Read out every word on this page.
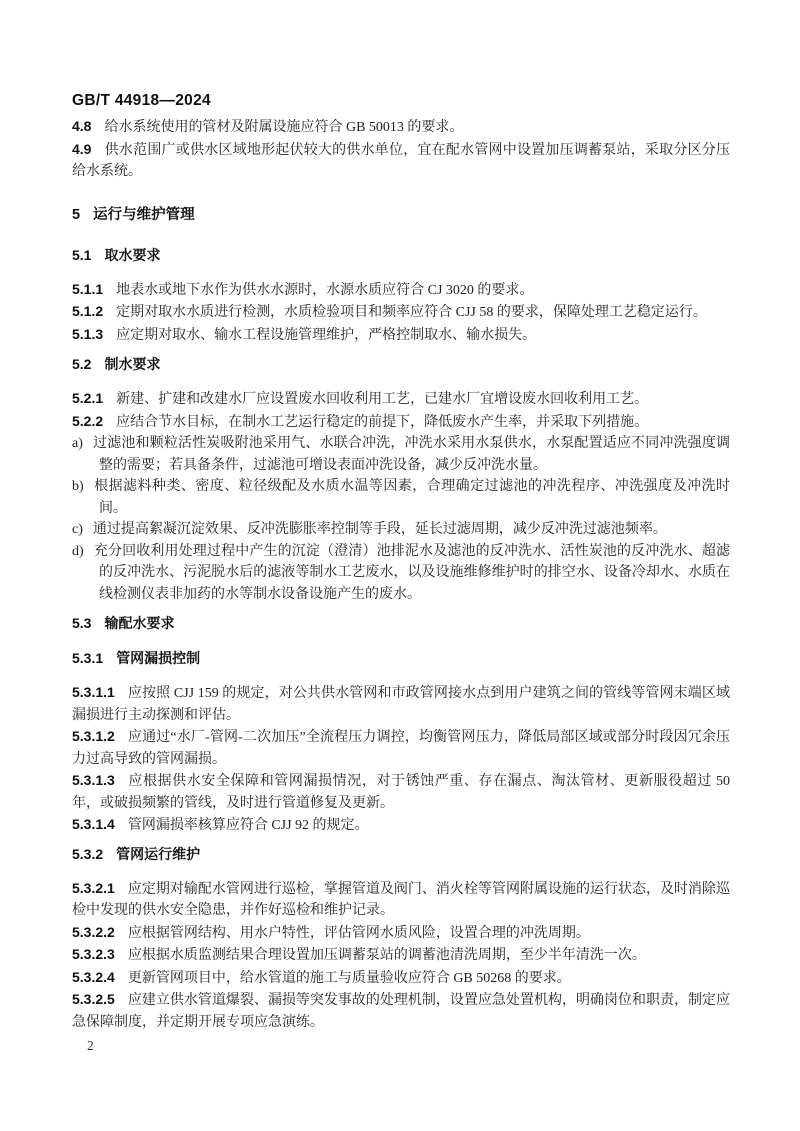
GB/T 44918—2024

4.8 给水系统使用的管材及附属设施应符合 GB 50013 的要求。

4.9 供水范围广或供水区域地形起伏较大的供水单位，宜在配水管网中设置加压调蓄泵站，采取分区分压给水系统。

5 运行与维护管理

5.1 取水要求

5.1.1 地表水或地下水作为供水水源时，水源水质应符合 CJ 3020 的要求。

5.1.2 定期对取水水质进行检测，水质检验项目和频率应符合 CJJ 58 的要求，保障处理工艺稳定运行。

5.1.3 应定期对取水、输水工程设施管理维护，严格控制取水、输水损失。

5.2 制水要求

5.2.1 新建、扩建和改建水厂应设置废水回收利用工艺，已建水厂宜增设废水回收利用工艺。

5.2.2 应结合节水目标，在制水工艺运行稳定的前提下，降低废水产生率，并采取下列措施。

a) 过滤池和颗粒活性炭吸附池采用气、水联合冲洗，冲洗水采用水泵供水，水泵配置适应不同冲洗强度调整的需要；若具备条件，过滤池可增设表面冲洗设备，减少反冲洗水量。

b) 根据滤料种类、密度、粒径级配及水质水温等因素，合理确定过滤池的冲洗程序、冲洗强度及冲洗时间。

c) 通过提高絮凝沉淀效果、反冲洗膨胀率控制等手段，延长过滤周期，减少反冲洗过滤池频率。

d) 充分回收利用处理过程中产生的沉淀（澄清）池排泥水及滤池的反冲洗水、活性炭池的反冲洗水、超滤的反冲洗水、污泥脱水后的滤液等制水工艺废水，以及设施维修维护时的排空水、设备冷却水、水质在线检测仪表非加药的水等制水设备设施产生的废水。

5.3 输配水要求

5.3.1 管网漏损控制

5.3.1.1 应按照 CJJ 159 的规定，对公共供水管网和市政管网接水点到用户建筑之间的管线等管网末端区域漏损进行主动探测和评估。

5.3.1.2 应通过“水厂-管网-二次加压”全流程压力调控，均衡管网压力，降低局部区域或部分时段因冗余压力过高导致的管网漏损。

5.3.1.3 应根据供水安全保障和管网漏损情况，对于锈蚀严重、存在漏点、淘汰管材、更新服役超过 50 年，或破损频繁的管线，及时进行管道修复及更新。

5.3.1.4 管网漏损率核算应符合 CJJ 92 的规定。

5.3.2 管网运行维护

5.3.2.1 应定期对输配水管网进行巡检，掌握管道及阀门、消火栓等管网附属设施的运行状态，及时消除巡检中发现的供水安全隐患，并作好巡检和维护记录。

5.3.2.2 应根据管网结构、用水户特性，评估管网水质风险，设置合理的冲洗周期。

5.3.2.3 应根据水质监测结果合理设置加压调蓄泵站的调蓄池清洗周期，至少半年清洗一次。

5.3.2.4 更新管网项目中，给水管道的施工与质量验收应符合 GB 50268 的要求。

5.3.2.5 应建立供水管道爆裂、漏损等突发事故的处理机制，设置应急处置机构，明确岗位和职责，制定应急保障制度，并定期开展专项应急演练。

2
